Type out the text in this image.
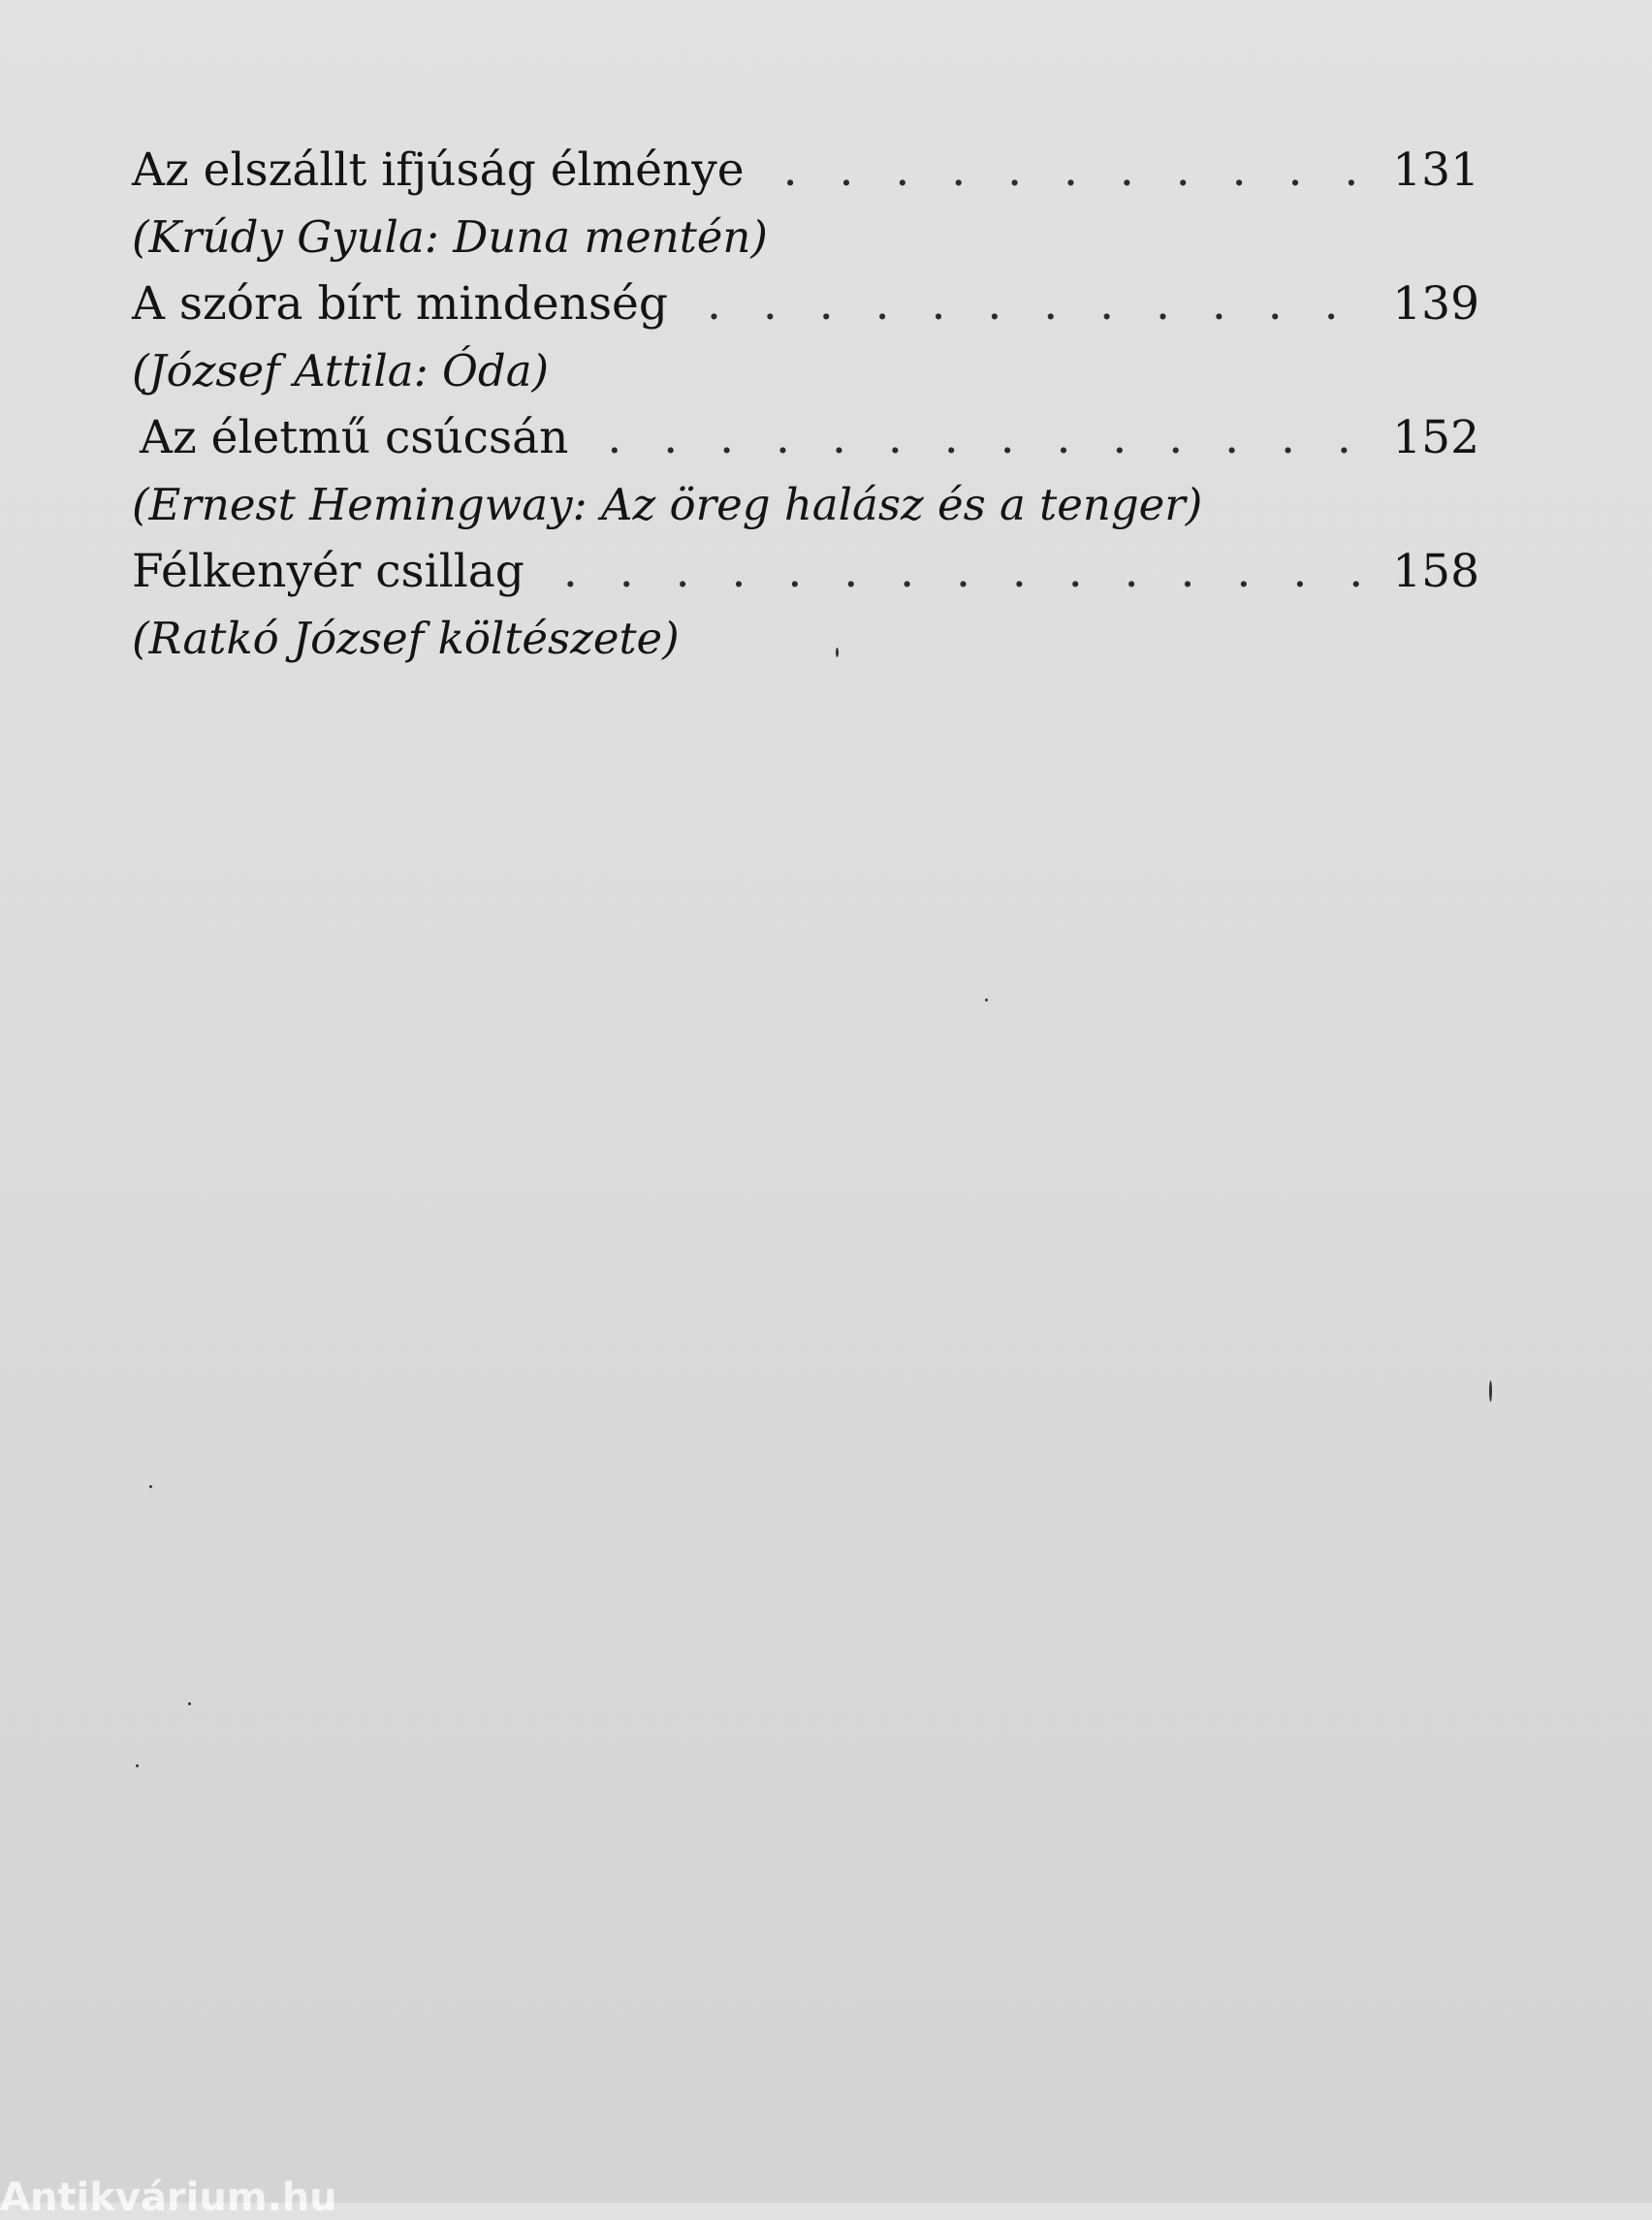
Az elszállt ifjúság élménye . . .	131
(Krúdy Gyula: Duna mentén)
A szóra bírt mindenség . . .	139
(József Attila: Óda)
Az életmű csúcsán . . .	152
(Ernest Hemingway: Az öreg halász és a tenger)
Félkenyér csillag . . .	158
(Ratkó József költészete)
Antikvárium.hu
